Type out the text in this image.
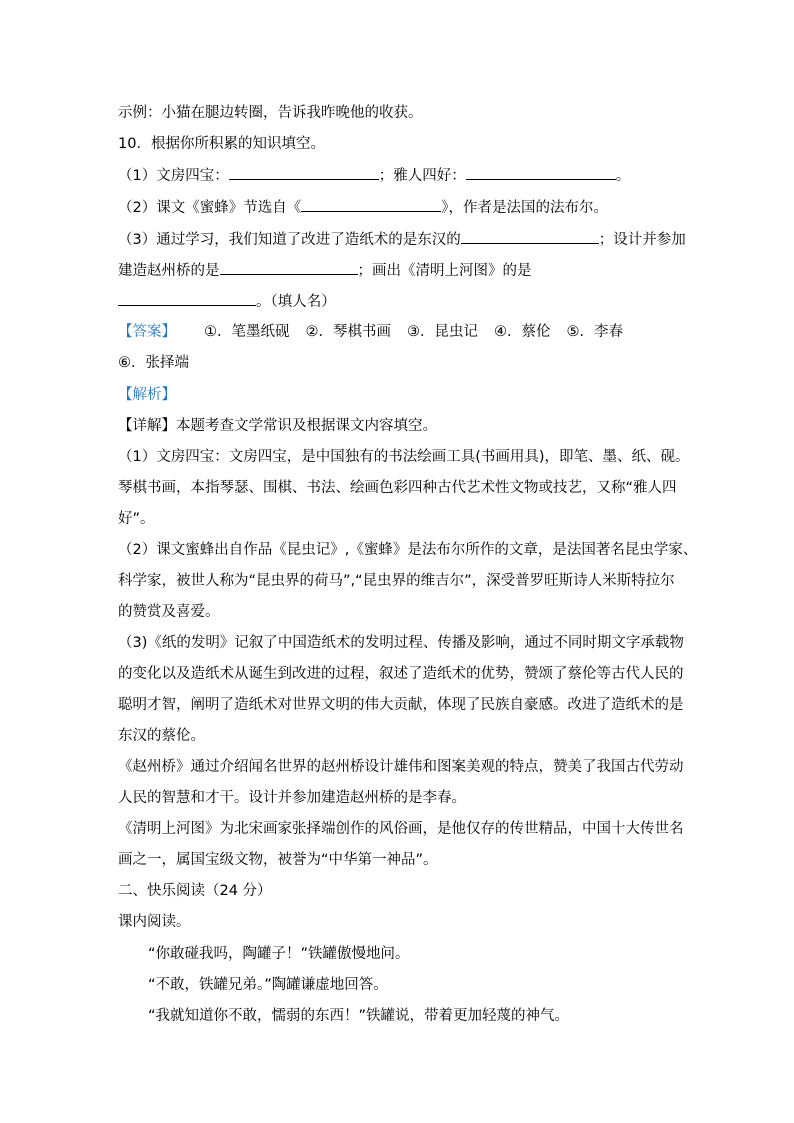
示例：小猫在腿边转圈，告诉我昨晚他的收获。
10．根据你所积累的知识填空。
（1）文房四宝：	；雅人四好：	。
（2）课文《蜜蜂》节选自《	》，作者是法国的法布尔。
（3）通过学习，我们知道了改进了造纸术的是东汉的	；设计并参加
建造赵州桥的是	；画出《清明上河图》的是
。（填人名）
【答案】 ①．笔墨纸砚 ②．琴棋书画 ③．昆虫记 ④．蔡伦 ⑤．李春
⑥．张择端
【解析】
【详解】本题考查文学常识及根据课文内容填空。
（1）文房四宝：文房四宝，是中国独有的书法绘画工具(书画用具)，即笔、墨、纸、砚。
琴棋书画，本指琴瑟、围棋、书法、绘画色彩四种古代艺术性文物或技艺，又称“雅人四
好”。
（2）课文蜜蜂出自作品《昆虫记》,《蜜蜂》是法布尔所作的文章，是法国著名昆虫学家、
科学家，被世人称为“昆虫界的荷马”,“昆虫界的维吉尔”，深受普罗旺斯诗人米斯特拉尔
的赞赏及喜爱。
（3)《纸的发明》记叙了中国造纸术的发明过程、传播及影响，通过不同时期文字承载物
的变化以及造纸术从诞生到改进的过程，叙述了造纸术的优势，赞颂了蔡伦等古代人民的
聪明才智，阐明了造纸术对世界文明的伟大贡献，体现了民族自豪感。改进了造纸术的是
东汉的蔡伦。
《赵州桥》通过介绍闻名世界的赵州桥设计雄伟和图案美观的特点，赞美了我国古代劳动
人民的智慧和才干。设计并参加建造赵州桥的是李春。
《清明上河图》为北宋画家张择端创作的风俗画，是他仅存的传世精品，中国十大传世名
画之一，属国宝级文物，被誉为“中华第一神品”。
二、快乐阅读（24 分）
课内阅读。
“你敢碰我吗，陶罐子！”铁罐傲慢地问。
“不敢，铁罐兄弟。”陶罐谦虚地回答。
“我就知道你不敢，懦弱的东西！”铁罐说，带着更加轻蔑的神气。
